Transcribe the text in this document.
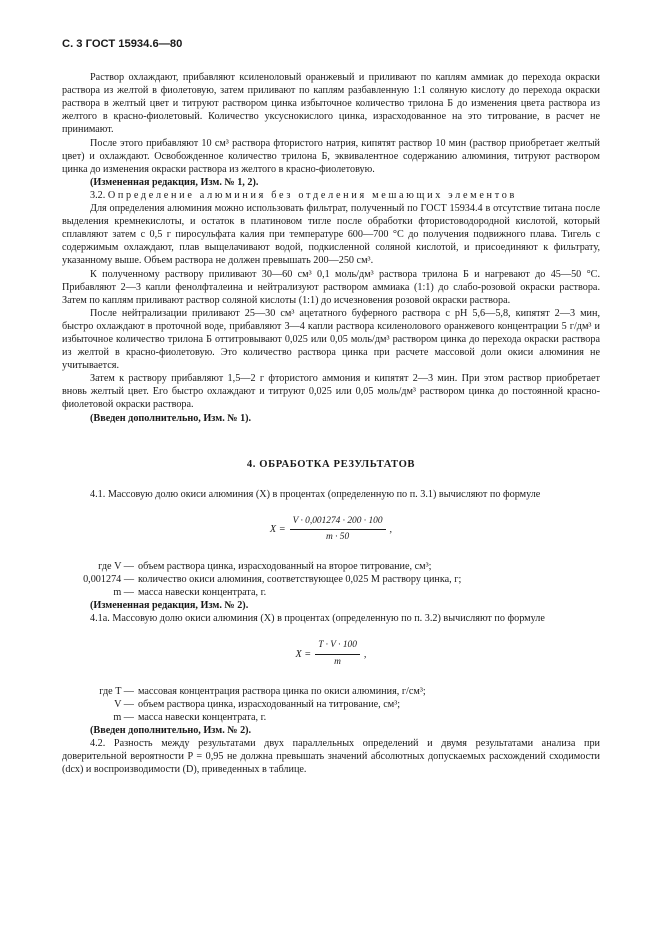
С. 3 ГОСТ 15934.6—80

Раствор охлаждают, прибавляют ксиленоловый оранжевый и приливают по каплям аммиак до перехода окраски раствора из желтой в фиолетовую, затем приливают по каплям разбавленную 1:1 соляную кислоту до перехода окраски раствора в желтый цвет и титруют раствором цинка избыточное количество трилона Б до изменения цвета раствора из желтого в красно-фиолетовый. Количество уксуснокислого цинка, израсходованное на это титрование, в расчет не принимают.

После этого прибавляют 10 см³ раствора фтористого натрия, кипятят раствор 10 мин (раствор приобретает желтый цвет) и охлаждают. Освобожденное количество трилона Б, эквивалентное содержанию алюминия, титруют раствором цинка до изменения окраски раствора из желтого в красно-фиолетовую.

(Измененная редакция, Изм. № 1, 2).

3.2. Определение алюминия без отделения мешающих элементов

Для определения алюминия можно использовать фильтрат, полученный по ГОСТ 15934.4 в отсутствие титана после выделения кремнекислоты, и остаток в платиновом тигле после обработки фтористоводородной кислотой, который сплавляют затем с 0,5 г пиросульфата калия при температуре 600—700 °С до получения подвижного плава. Тигель с содержимым охлаждают, плав выщелачивают водой, подкисленной соляной кислотой, и присоединяют к фильтрату, указанному выше. Объем раствора не должен превышать 200—250 см³.

К полученному раствору приливают 30—60 см³ 0,1 моль/дм³ раствора трилона Б и нагревают до 45—50 °С. Прибавляют 2—3 капли фенолфталеина и нейтрализуют раствором аммиака (1:1) до слабо-розовой окраски раствора. Затем по каплям приливают раствор соляной кислоты (1:1) до исчезновения розовой окраски раствора.

После нейтрализации приливают 25—30 см³ ацетатного буферного раствора с рН 5,6—5,8, кипятят 2—3 мин, быстро охлаждают в проточной воде, прибавляют 3—4 капли раствора ксиленолового оранжевого концентрации 5 г/дм³ и избыточное количество трилона Б оттитровывают 0,025 или 0,05 моль/дм³ раствором цинка до перехода окраски раствора из желтой в красно-фиолетовую. Это количество раствора цинка при расчете массовой доли окиси алюминия не учитывается.

Затем к раствору прибавляют 1,5—2 г фтористого аммония и кипятят 2—3 мин. При этом раствор приобретает вновь желтый цвет. Его быстро охлаждают и титруют 0,025 или 0,05 моль/дм³ раствором цинка до постоянной красно-фиолетовой окраски раствора.

(Введен дополнительно, Изм. № 1).

4. ОБРАБОТКА РЕЗУЛЬТАТОВ

4.1. Массовую долю окиси алюминия (X) в процентах (определенную по п. 3.1) вычисляют по формуле

$X = \frac{V \cdot 0,001274 \cdot 200 \cdot 100}{m \cdot 50}$ ,
где V — объем раствора цинка, израсходованный на второе титрование, см³;
0,001274 — количество окиси алюминия, соответствующее 0,025 М раствору цинка, г;
m — масса навески концентрата, г.

(Измененная редакция, Изм. № 2).

4.1а. Массовую долю окиси алюминия (X) в процентах (определенную по п. 3.2) вычисляют по формуле

$X = \frac{T \cdot V \cdot 100}{m}$ ,
где T — массовая концентрация раствора цинка по окиси алюминия, г/см³;
V — объем раствора цинка, израсходованный на титрование, см³;
m — масса навески концентрата, г.

(Введен дополнительно, Изм. № 2).

4.2. Разность между результатами двух параллельных определений и двумя результатами анализа при доверительной вероятности P = 0,95 не должна превышать значений абсолютных допускаемых расхождений сходимости (dсх) и воспроизводимости (D), приведенных в таблице.
